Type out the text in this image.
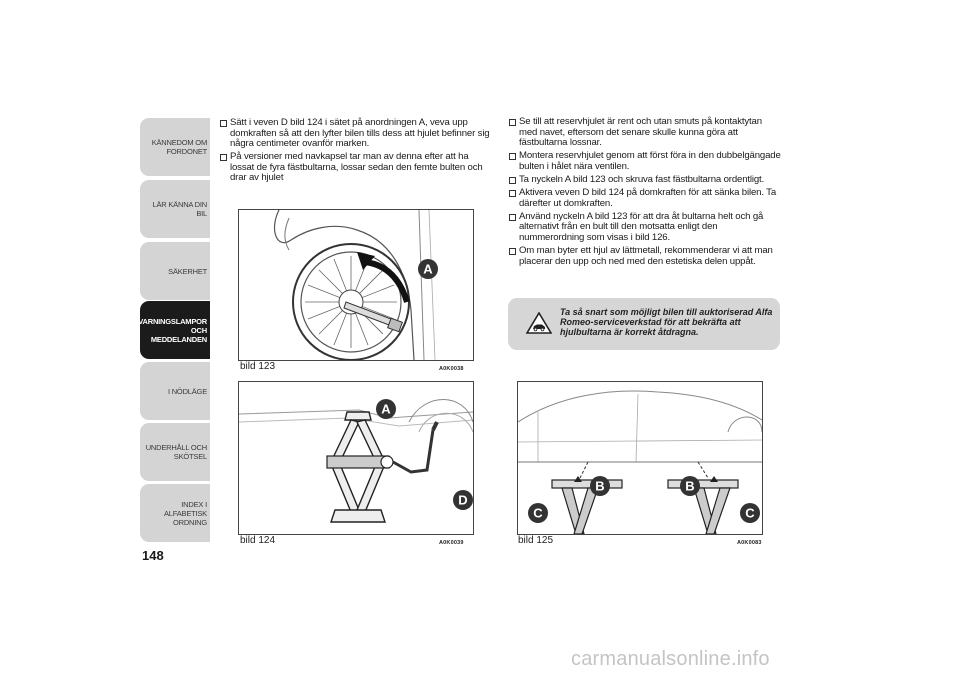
KÄNNEDOM OM
FORDONET
LÄR KÄNNA DIN BIL
SÄKERHET
VARNINGSLAMPOR
OCH
MEDDELANDEN
I NÖDLÄGE
UNDERHÅLL OCH
SKÖTSEL
INDEX I ALFABETISK
ORDNING
148
Sätt i veven D bild 124 i sätet på anordningen A, veva upp domkraften så att den lyfter bilen tills dess att hjulet befinner sig några centimeter ovanför marken.
På versioner med navkapsel tar man av denna efter att ha lossat de fyra fästbultarna, lossar sedan den femte bulten och drar av hjulet
Se till att reservhjulet är rent och utan smuts på kontaktytan med navet, eftersom det senare skulle kunna göra att fästbultarna lossnar.
Montera reservhjulet genom att först föra in den dubbelgängade bulten i hålet nära ventilen.
Ta nyckeln A bild 123 och skruva fast fästbultarna ordentligt.
Aktivera veven D bild 124 på domkraften för att sänka bilen. Ta därefter ut domkraften.
Använd nyckeln A bild 123 för att dra åt bultarna helt och gå alternativt från en bult till den motsatta enligt den nummerordning som visas i bild 126.
Om man byter ett hjul av lättmetall, rekommenderar vi att man placerar den upp och ned med den estetiska delen uppåt.

Ta så snart som möjligt bilen till auktoriserad Alfa Romeo-serviceverkstad för att bekräfta att hjulbultarna är korrekt åtdragna.

A
bild 123	A0K0038
A
D
bild 124	A0K0039
B
C
B
C
bild 125	A0K0083
carmanualsonline.info
